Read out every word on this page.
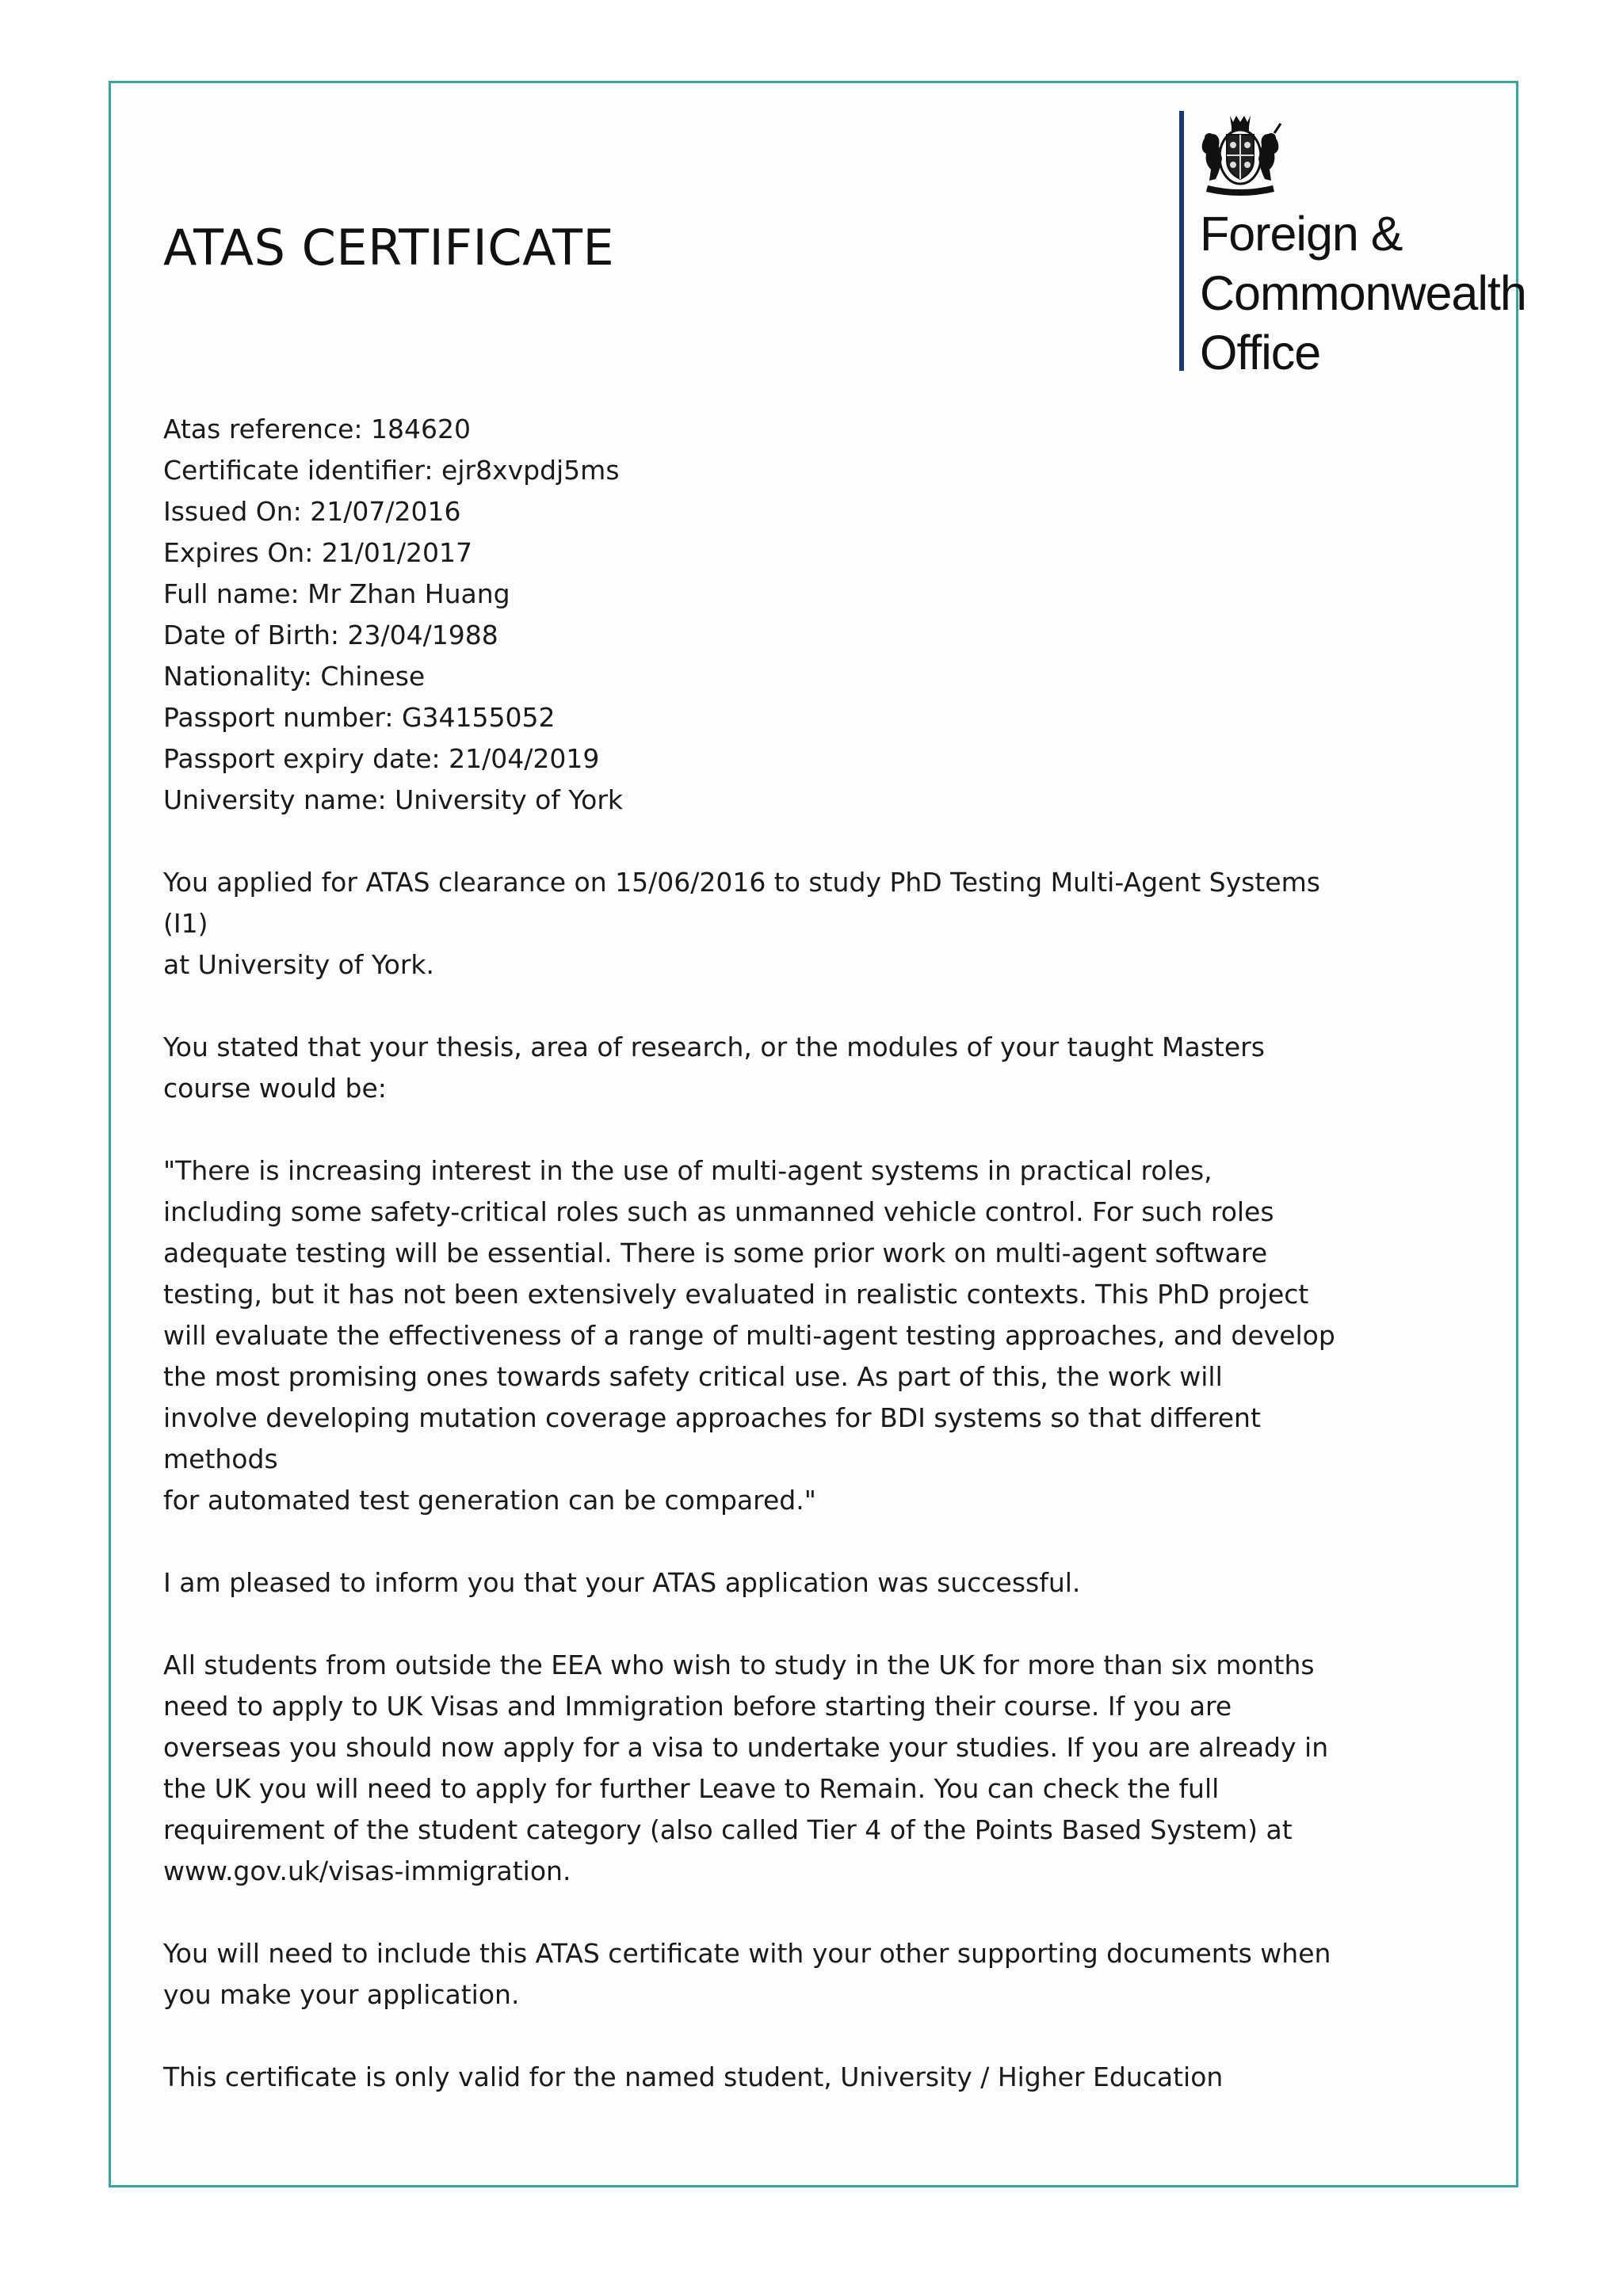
ATAS CERTIFICATE	Foreign &
Commonwealth
Office
Atas reference: 184620
Certificate identifier: ejr8xvpdj5ms
Issued On: 21/07/2016
Expires On: 21/01/2017
Full name: Mr Zhan Huang
Date of Birth: 23/04/1988
Nationality: Chinese
Passport number: G34155052
Passport expiry date: 21/04/2019
University name: University of York

You applied for ATAS clearance on 15/06/2016 to study PhD Testing Multi-Agent Systems (I1)
at University of York.

You stated that your thesis, area of research, or the modules of your taught Masters
course would be:

"There is increasing interest in the use of multi-agent systems in practical roles,
including some safety-critical roles such as unmanned vehicle control. For such roles
adequate testing will be essential. There is some prior work on multi-agent software
testing, but it has not been extensively evaluated in realistic contexts. This PhD project
will evaluate the effectiveness of a range of multi-agent testing approaches, and develop
the most promising ones towards safety critical use. As part of this, the work will
involve developing mutation coverage approaches for BDI systems so that different methods
for automated test generation can be compared."

I am pleased to inform you that your ATAS application was successful.

All students from outside the EEA who wish to study in the UK for more than six months
need to apply to UK Visas and Immigration before starting their course. If you are
overseas you should now apply for a visa to undertake your studies. If you are already in
the UK you will need to apply for further Leave to Remain. You can check the full
requirement of the student category (also called Tier 4 of the Points Based System) at
www.gov.uk/visas-immigration.

You will need to include this ATAS certificate with your other supporting documents when
you make your application.

This certificate is only valid for the named student, University / Higher Education
